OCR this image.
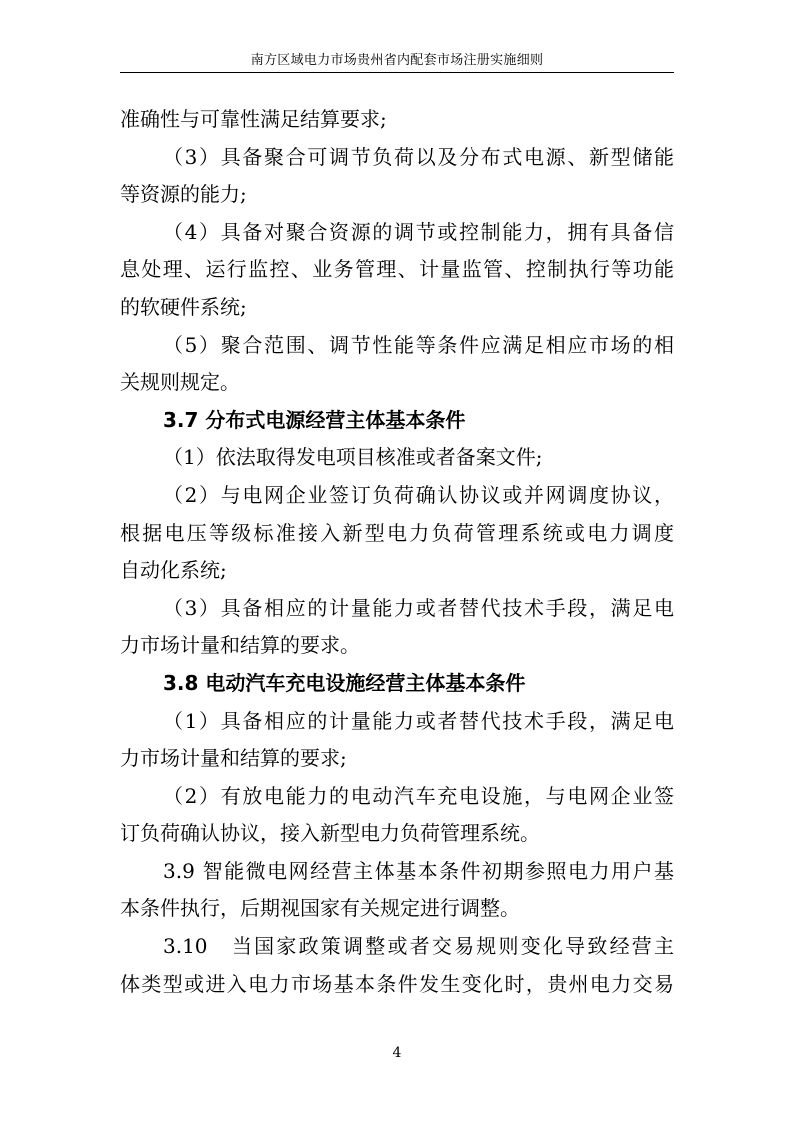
南方区域电力市场贵州省内配套市场注册实施细则
准确性与可靠性满足结算要求;
（3）具备聚合可调节负荷以及分布式电源、新型储能
等资源的能力;
（4）具备对聚合资源的调节或控制能力，拥有具备信
息处理、运行监控、业务管理、计量监管、控制执行等功能
的软硬件系统;
（5）聚合范围、调节性能等条件应满足相应市场的相
关规则规定。
3.7 分布式电源经营主体基本条件
（1）依法取得发电项目核准或者备案文件;
（2）与电网企业签订负荷确认协议或并网调度协议，
根据电压等级标准接入新型电力负荷管理系统或电力调度
自动化系统;
（3）具备相应的计量能力或者替代技术手段，满足电
力市场计量和结算的要求。
3.8 电动汽车充电设施经营主体基本条件
（1）具备相应的计量能力或者替代技术手段，满足电
力市场计量和结算的要求;
（2）有放电能力的电动汽车充电设施，与电网企业签
订负荷确认协议，接入新型电力负荷管理系统。
3.9 智能微电网经营主体基本条件初期参照电力用户基
本条件执行，后期视国家有关规定进行调整。
3.10　当国家政策调整或者交易规则变化导致经营主
体类型或进入电力市场基本条件发生变化时，贵州电力交易
4
